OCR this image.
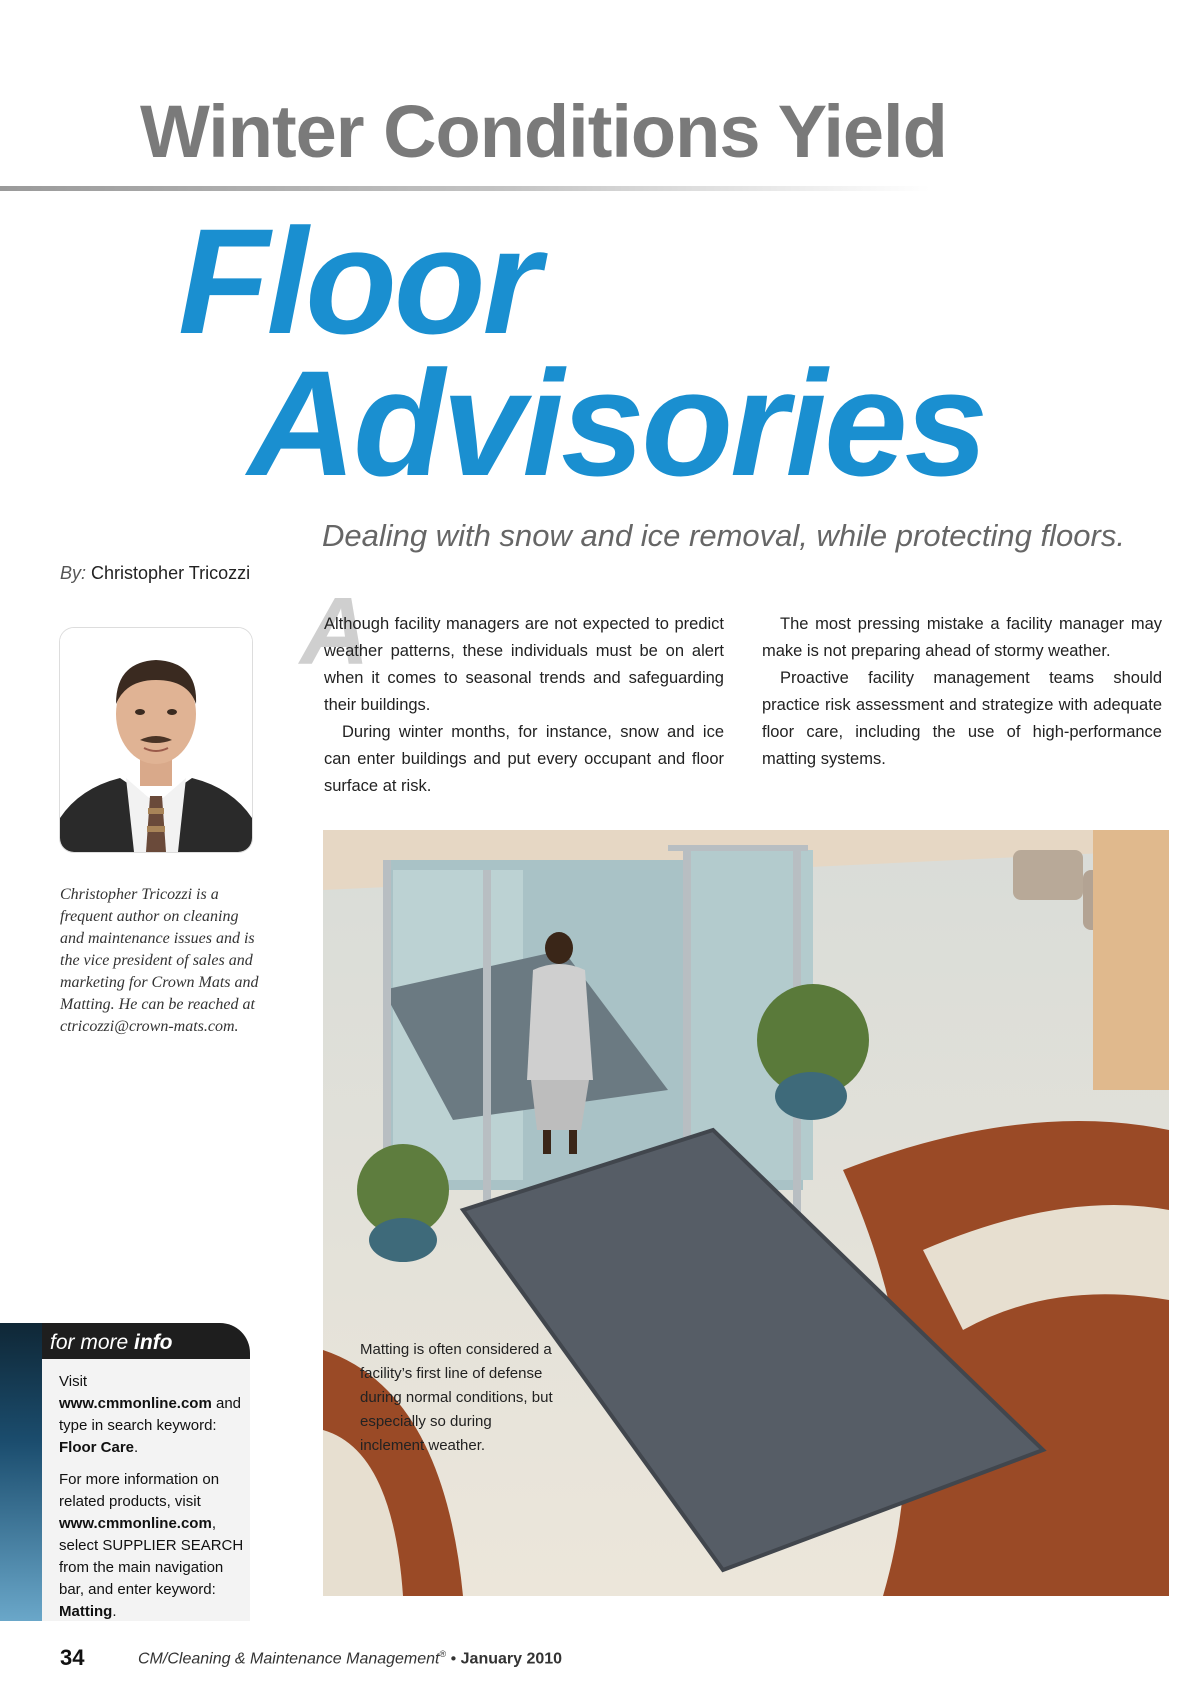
Winter Conditions Yield
Floor
Advisories
Dealing with snow and ice removal, while protecting floors.
By: Christopher Tricozzi
Christopher Tricozzi is a frequent author on cleaning and maintenance issues and is the vice president of sales and marketing for Crown Mats and Matting. He can be reached at ctricozzi@crown-mats.com.
A

Although facility managers are not expected to predict weather patterns, these individuals must be on alert when it comes to seasonal trends and safeguarding their buildings.

During winter months, for instance, snow and ice can enter buildings and put every occupant and floor surface at risk.

The most pressing mistake a facility manager may make is not preparing ahead of stormy weather.

Proactive facility management teams should practice risk assessment and strategize with adequate floor care, including the use of high-performance matting systems.

Matting is often considered a facility’s first line of defense during normal conditions, but especially so during inclement weather.
for more info

Visit www.cmmonline.com and type in search keyword: Floor Care.

For more information on related products, visit www.cmmonline.com, select SUPPLIER SEARCH from the main navigation bar, and enter keyword: Matting.

34	CM/Cleaning & Maintenance Management® • January 2010
